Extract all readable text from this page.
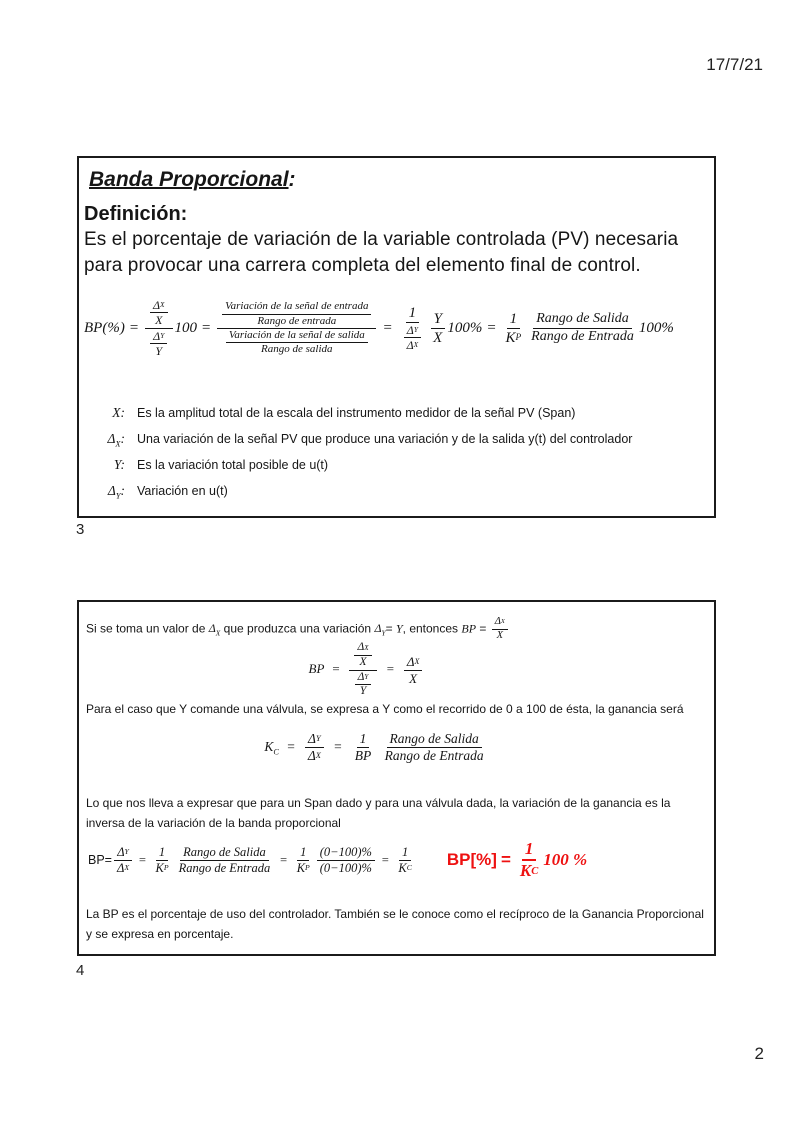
17/7/21
Banda Proporcional:
Definición:

Es el porcentaje de variación de la variable controlada (PV) necesaria para provocar una carrera completa del elemento final de control.

$BP(\%) = \frac{\frac{\text{Δ X}}{X}}{\frac{\text{Δ Y}}{Y}} 100$ =
Variación de la señal de entrada
Rango de entrada
Variación de la señal de salida
Rango de salida
= $\frac{1}{\frac{\text{Δ Y}}{\text{Δ X}}} \frac{Y}{X} 100\% = \frac{1}{\text{K P}}$ Rango de Salida
Rango de Entrada
100%
X: Es la amplitud total de la escala del instrumento medidor de la señal PV (Span)
$\Delta_X$: Una variación de la señal PV que produce una variación y de la salida y(t) del controlador
Y: Es la variación total posible de u(t)
$\Delta_Y$: Variación en u(t)
3

Si se toma un valor de $\Delta_X$ que produzca una variación $\Delta_Y= Y$, entonces BP = $\frac{\text{Δ X}}{X}$

BP = $\frac{\frac{\text{Δ X}}{X}}{\frac{\text{Δ Y}}{Y}} = \frac{\text{Δ X}}{X}$

Para el caso que Y comande una válvula, se expresa a Y como el recorrido de 0 a 100 de ésta, la ganancia será

$K_C = \frac{\text{Δ Y}}{\text{Δ X}} = \frac{1}{BP}$
Rango de Salida
Rango de Entrada

Lo que nos lleva a expresar que para un Span dado y para una válvula dada, la variación de la ganancia es la inversa de la variación de la banda proporcional

$BP= \frac{\text{Δ Y}}{\text{Δ X}} = \frac{1}{\text{K P}}$ Rango de Salida
Rango de Entrada
= $\frac{1}{\text{K P}} \frac{(0-100)\%}{(0-100)\%} = \frac{1}{\text{K C}} BP[\%] = \frac{1}{\text{K C}} 100$ %

La BP es el porcentaje de uso del controlador. También se le conoce como el recíproco de la Ganancia Proporcional y se expresa en porcentaje.

4
2
